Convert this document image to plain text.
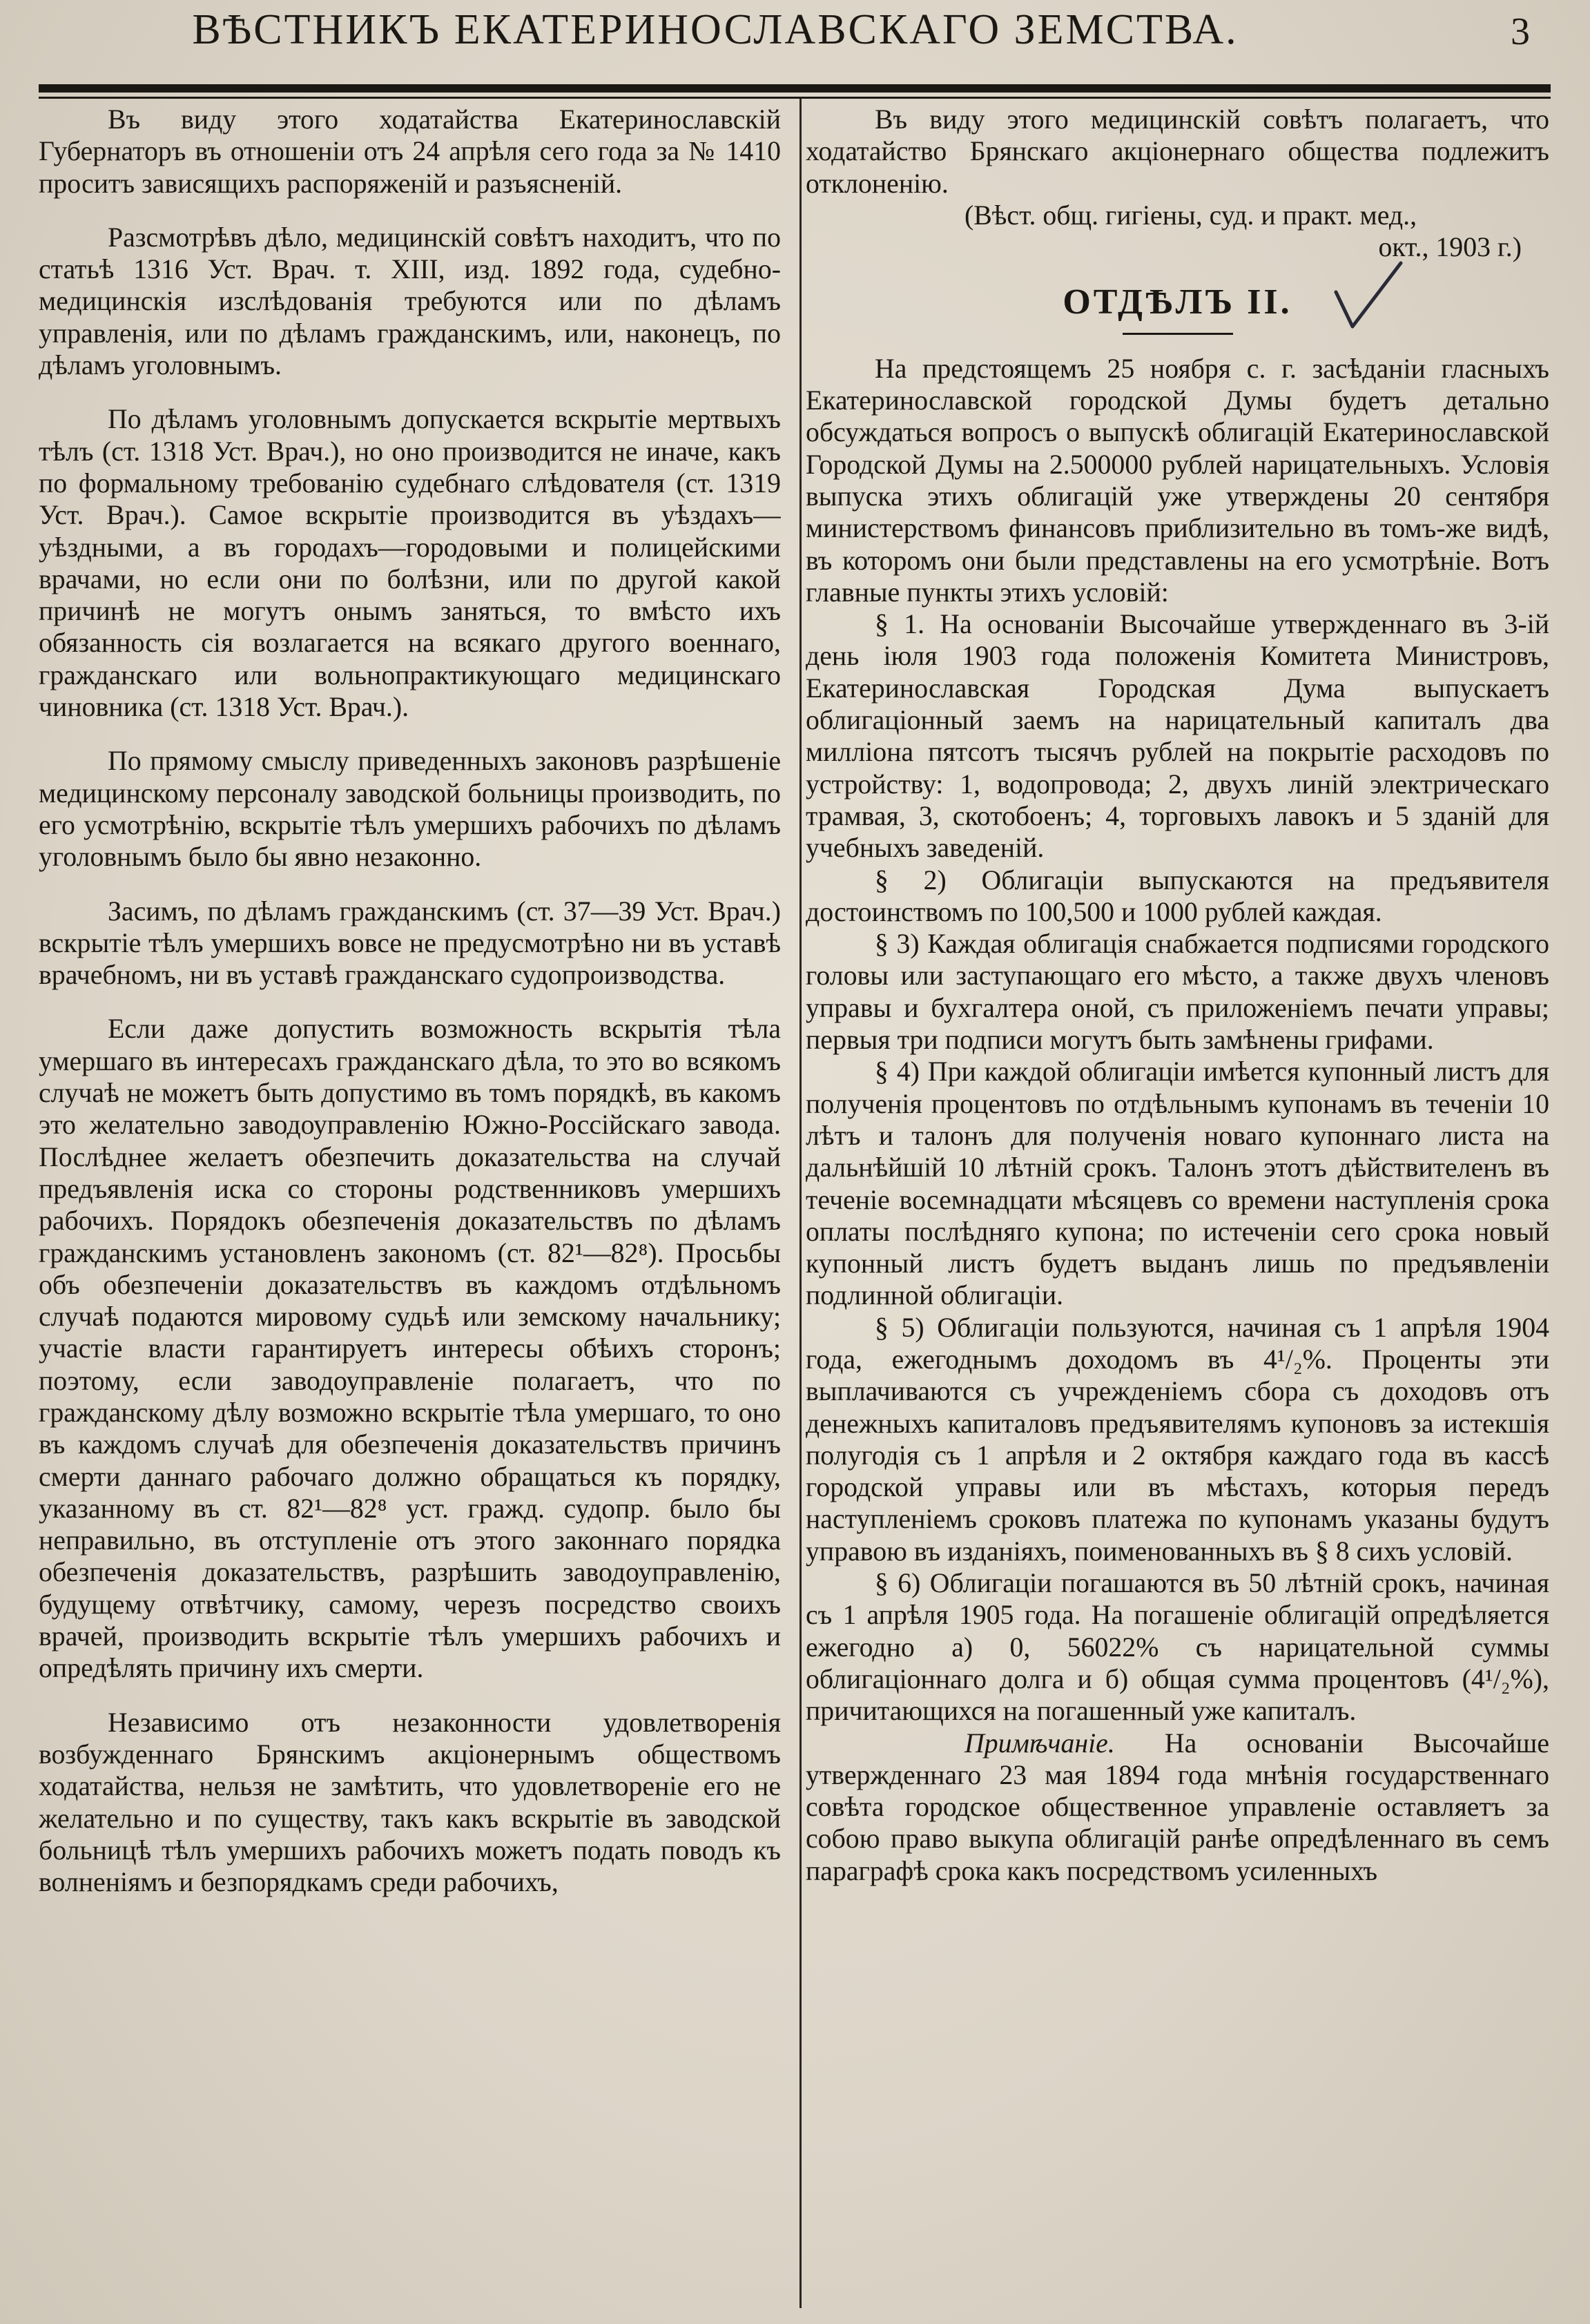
ВѢСТНИКЪ ЕКАТЕРИНОСЛАВСКАГО ЗЕМСТВА.	3

Въ виду этого ходатайства Екатеринославскій Губернаторъ въ отношеніи отъ 24 апрѣля сего года за № 1410 проситъ зависящихъ распоряженій и разъясненій.

Разсмотрѣвъ дѣло, медицинскій совѣтъ находитъ, что по статьѣ 1316 Уст. Врач. т. XIII, изд. 1892 года, судебно-медицинскія изслѣдованія требуются или по дѣламъ управленія, или по дѣламъ гражданскимъ, или, наконецъ, по дѣламъ уголовнымъ.

По дѣламъ уголовнымъ допускается вскрытіе мертвыхъ тѣлъ (ст. 1318 Уст. Врач.), но оно производится не иначе, какъ по формальному требованію судебнаго слѣдователя (ст. 1319 Уст. Врач.). Самое вскрытіе производится въ уѣздахъ—уѣздными, а въ городахъ—городовыми и полицейскими врачами, но если они по болѣзни, или по другой какой причинѣ не могутъ онымъ заняться, то вмѣсто ихъ обязанность сія возлагается на всякаго другого военнаго, гражданскаго или вольнопрактикующаго медицинскаго чиновника (ст. 1318 Уст. Врач.).

По прямому смыслу приведенныхъ законовъ разрѣшеніе медицинскому персоналу заводской больницы производить, по его усмотрѣнію, вскрытіе тѣлъ умершихъ рабочихъ по дѣламъ уголовнымъ было бы явно незаконно.

Засимъ, по дѣламъ гражданскимъ (ст. 37—39 Уст. Врач.) вскрытіе тѣлъ умершихъ вовсе не предусмотрѣно ни въ уставѣ врачебномъ, ни въ уставѣ гражданскаго судопроизводства.

Если даже допустить возможность вскрытія тѣла умершаго въ интересахъ гражданскаго дѣла, то это во всякомъ случаѣ не можетъ быть допустимо въ томъ порядкѣ, въ какомъ это желательно заводоуправленію Южно-Россійскаго завода. Послѣднее желаетъ обезпечить доказательства на случай предъявленія иска со стороны родственниковъ умершихъ рабочихъ. Порядокъ обезпеченія доказательствъ по дѣламъ гражданскимъ установленъ закономъ (ст. 82¹—82⁸). Просьбы объ обезпеченіи доказательствъ въ каждомъ отдѣльномъ случаѣ подаются мировому судьѣ или земскому начальнику; участіе власти гарантируетъ интересы обѣихъ сторонъ; поэтому, если заводоуправленіе полагаетъ, что по гражданскому дѣлу возможно вскрытіе тѣла умершаго, то оно въ каждомъ случаѣ для обезпеченія доказательствъ причинъ смерти даннаго рабочаго должно обращаться къ порядку, указанному въ ст. 82¹—82⁸ уст. гражд. судопр. было бы неправильно, въ отступленіе отъ этого законнаго порядка обезпеченія доказательствъ, разрѣшить заводоуправленію, будущему отвѣтчику, самому, черезъ посредство своихъ врачей, производить вскрытіе тѣлъ умершихъ рабочихъ и опредѣлять причину ихъ смерти.

Независимо отъ незаконности удовлетворенія возбужденнаго Брянскимъ акціонернымъ обществомъ ходатайства, нельзя не замѣтить, что удовлетвореніе его не желательно и по существу, такъ какъ вскрытіе въ заводской больницѣ тѣлъ умершихъ рабочихъ можетъ подать поводъ къ волненіямъ и безпорядкамъ среди рабочихъ,

Въ виду этого медицинскій совѣтъ полагаетъ, что ходатайство Брянскаго акціонернаго общества подлежитъ отклоненію.

(Вѣст. общ. гигіены, суд. и практ. мед.,

окт., 1903 г.)

ОТДѢЛЪ II.

На предстоящемъ 25 ноября с. г. засѣданіи гласныхъ Екатеринославской городской Думы будетъ детально обсуждаться вопросъ о выпускѣ облигацій Екатеринославской Городской Думы на 2.500000 рублей нарицательныхъ. Условія выпуска этихъ облигацій уже утверждены 20 сентября министерствомъ финансовъ приблизительно въ томъ-же видѣ, въ которомъ они были представлены на его усмотрѣніе. Вотъ главные пункты этихъ условій:

§ 1. На основаніи Высочайше утвержденнаго въ 3-ій день іюля 1903 года положенія Комитета Министровъ, Екатеринославская Городская Дума выпускаетъ облигаціонный заемъ на нарицательный капиталъ два милліона пятсотъ тысячъ рублей на покрытіе расходовъ по устройству: 1, водопровода; 2, двухъ линій электрическаго трамвая, 3, скотобоенъ; 4, торговыхъ лавокъ и 5 зданій для учебныхъ заведеній.

§ 2) Облигаціи выпускаются на предъявителя достоинствомъ по 100,500 и 1000 рублей каждая.

§ 3) Каждая облигація снабжается подписями городского головы или заступающаго его мѣсто, а также двухъ членовъ управы и бухгалтера оной, съ приложеніемъ печати управы; первыя три подписи могутъ быть замѣнены грифами.

§ 4) При каждой облигаціи имѣется купонный листъ для полученія процентовъ по отдѣльнымъ купонамъ въ теченіи 10 лѣтъ и талонъ для полученія новаго купоннаго листа на дальнѣйшій 10 лѣтній срокъ. Талонъ этотъ дѣйствителенъ въ теченіе восемнадцати мѣсяцевъ со времени наступленія срока оплаты послѣдняго купона; по истеченіи сего срока новый купонный листъ будетъ выданъ лишь по предъявленіи подлинной облигаціи.

§ 5) Облигаціи пользуются, начиная съ 1 апрѣля 1904 года, ежегоднымъ доходомъ въ 4¹/₂%. Проценты эти выплачиваются съ учрежденіемъ сбора съ доходовъ отъ денежныхъ капиталовъ предъявителямъ купоновъ за истекшія полугодія съ 1 апрѣля и 2 октября каждаго года въ кассѣ городской управы или въ мѣстахъ, которыя передъ наступленіемъ сроковъ платежа по купонамъ указаны будутъ управою въ изданіяхъ, поименованныхъ въ § 8 сихъ условій.

§ 6) Облигаціи погашаются въ 50 лѣтній срокъ, начиная съ 1 апрѣля 1905 года. На погашеніе облигацій опредѣляется ежегодно а) 0, 56022% съ нарицательной суммы облигаціоннаго долга и б) общая сумма процентовъ (4¹/₂%), причитающихся на погашенный уже капиталъ.

Примѣчаніе. На основаніи Высочайше утвержденнаго 23 мая 1894 года мнѣнія государственнаго совѣта городское общественное управленіе оставляетъ за собою право выкупа облигацій ранѣе опредѣленнаго въ семъ параграфѣ срока какъ посредствомъ усиленныхъ
